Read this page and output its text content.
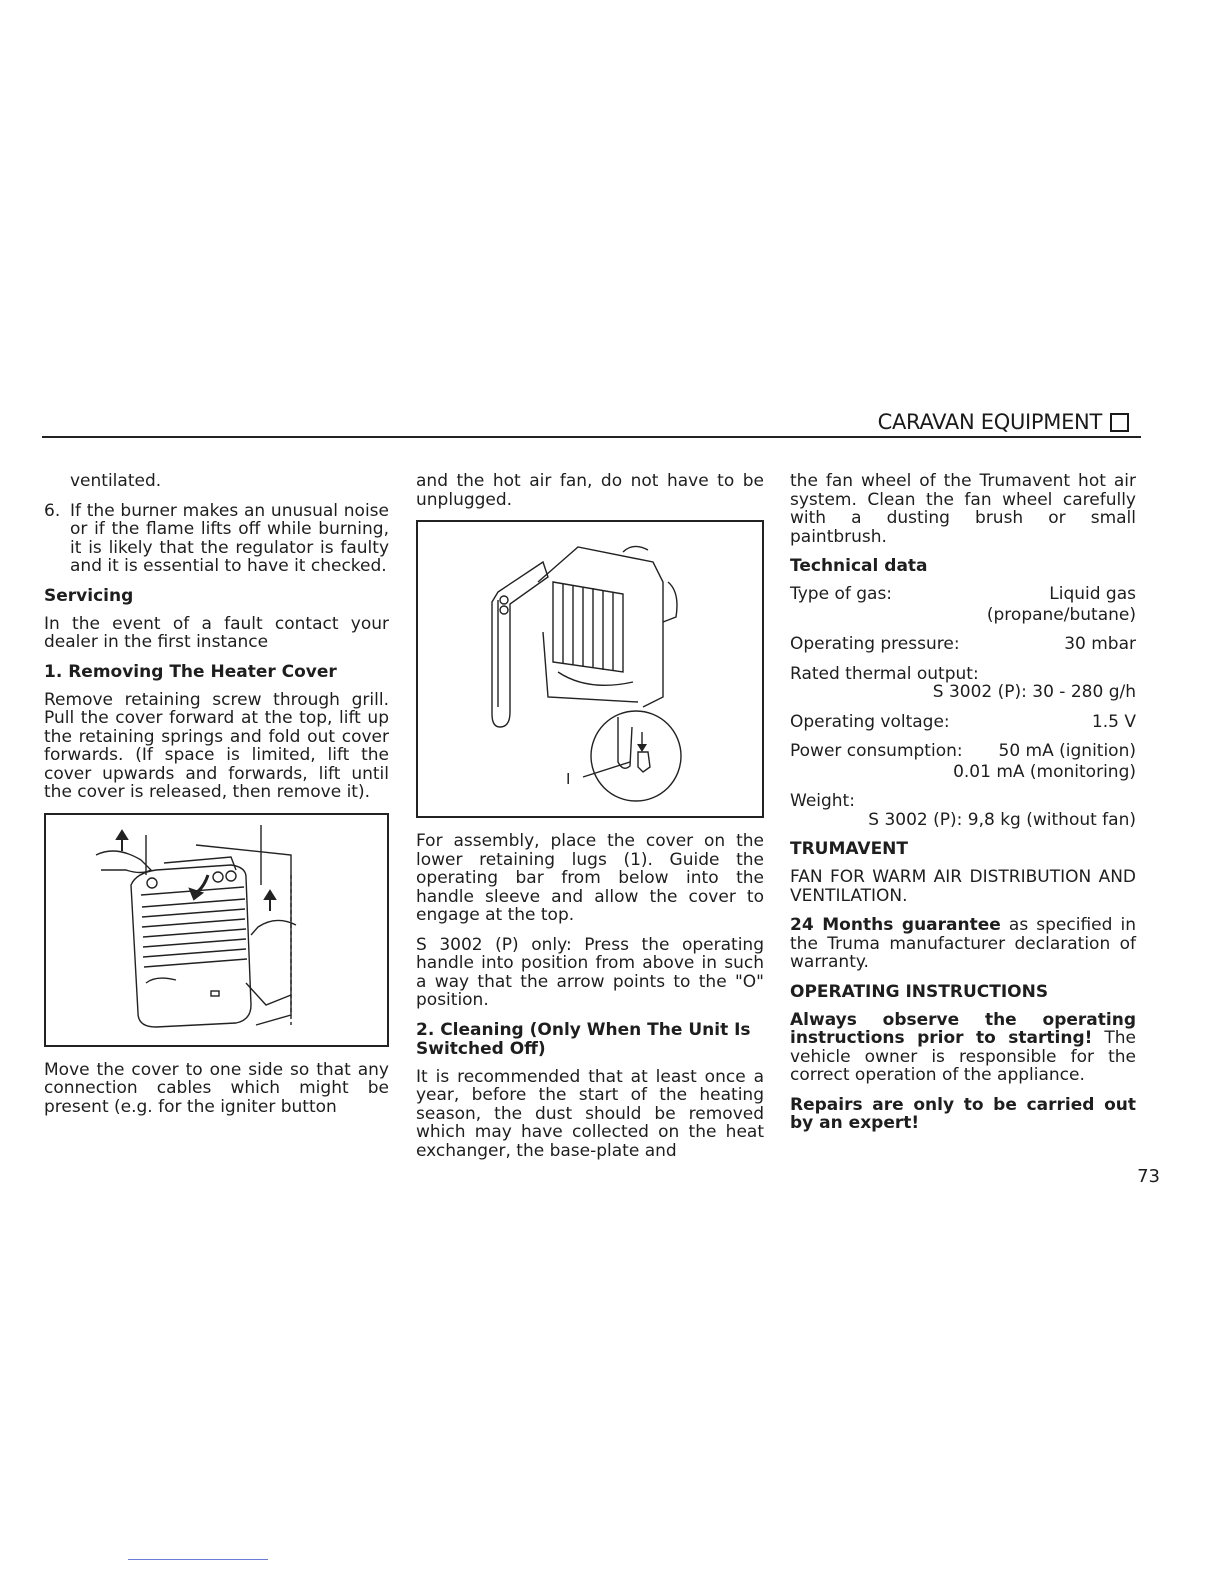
CARAVAN EQUIPMENT

ventilated.

6. If the burner makes an unusual noise or if the flame lifts off while burning, it is likely that the regulator is faulty and it is essential to have it checked.
Servicing

In the event of a fault contact your dealer in the first instance

1. Removing The Heater Cover

Remove retaining screw through grill. Pull the cover forward at the top, lift up the retaining springs and fold out cover forwards. (If space is limited, lift the cover upwards and forwards, lift until the cover is released, then remove it).

Move the cover to one side so that any connection cables which might be present (e.g. for the igniter button

and the hot air fan, do not have to be unplugged.

I

For assembly, place the cover on the lower retaining lugs (1). Guide the operating bar from below into the handle sleeve and allow the cover to engage at the top.

S 3002 (P) only: Press the operating handle into position from above in such a way that the arrow points to the "O" position.

2. Cleaning (Only When The Unit Is Switched Off)

It is recommended that at least once a year, before the start of the heating season, the dust should be removed which may have collected on the heat exchanger, the base-plate and

the fan wheel of the Trumavent hot air system. Clean the fan wheel carefully with a dusting brush or small paintbrush.

Technical data
Type of gas:	Liquid gas
(propane/butane)
Operating pressure:	30 mbar
Rated thermal output:
S 3002 (P): 30 - 280 g/h
Operating voltage:	1.5 V
Power consumption: 50 mA (ignition)
0.01 mA (monitoring)
Weight:
S 3002 (P): 9,8 kg (without fan)
TRUMAVENT

FAN FOR WARM AIR DISTRIBUTION AND VENTILATION.

24 Months guarantee as specified in the Truma manufacturer declaration of warranty.

OPERATING INSTRUCTIONS

Always observe the operating instructions prior to starting! The vehicle owner is responsible for the correct operation of the appliance.

Repairs are only to be carried out by an expert!

73
